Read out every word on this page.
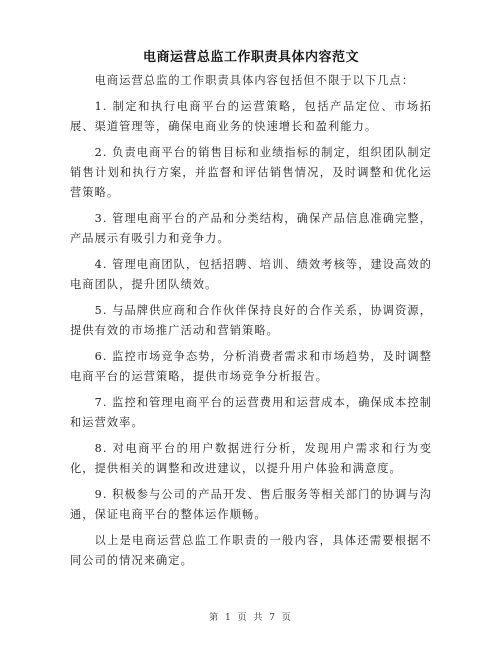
电商运营总监工作职责具体内容范文

电商运营总监的工作职责具体内容包括但不限于以下几点：

1. 制定和执行电商平台的运营策略，包括产品定位、市场拓展、渠道管理等，确保电商业务的快速增长和盈利能力。

2. 负责电商平台的销售目标和业绩指标的制定，组织团队制定销售计划和执行方案，并监督和评估销售情况，及时调整和优化运营策略。

3. 管理电商平台的产品和分类结构，确保产品信息准确完整，产品展示有吸引力和竞争力。

4. 管理电商团队，包括招聘、培训、绩效考核等，建设高效的电商团队，提升团队绩效。

5. 与品牌供应商和合作伙伴保持良好的合作关系，协调资源，提供有效的市场推广活动和营销策略。

6. 监控市场竞争态势，分析消费者需求和市场趋势，及时调整电商平台的运营策略，提供市场竞争分析报告。

7. 监控和管理电商平台的运营费用和运营成本，确保成本控制和运营效率。

8. 对电商平台的用户数据进行分析，发现用户需求和行为变化，提供相关的调整和改进建议，以提升用户体验和满意度。

9. 积极参与公司的产品开发、售后服务等相关部门的协调与沟通，保证电商平台的整体运作顺畅。

以上是电商运营总监工作职责的一般内容，具体还需要根据不同公司的情况来确定。

第 1 页 共 7 页
